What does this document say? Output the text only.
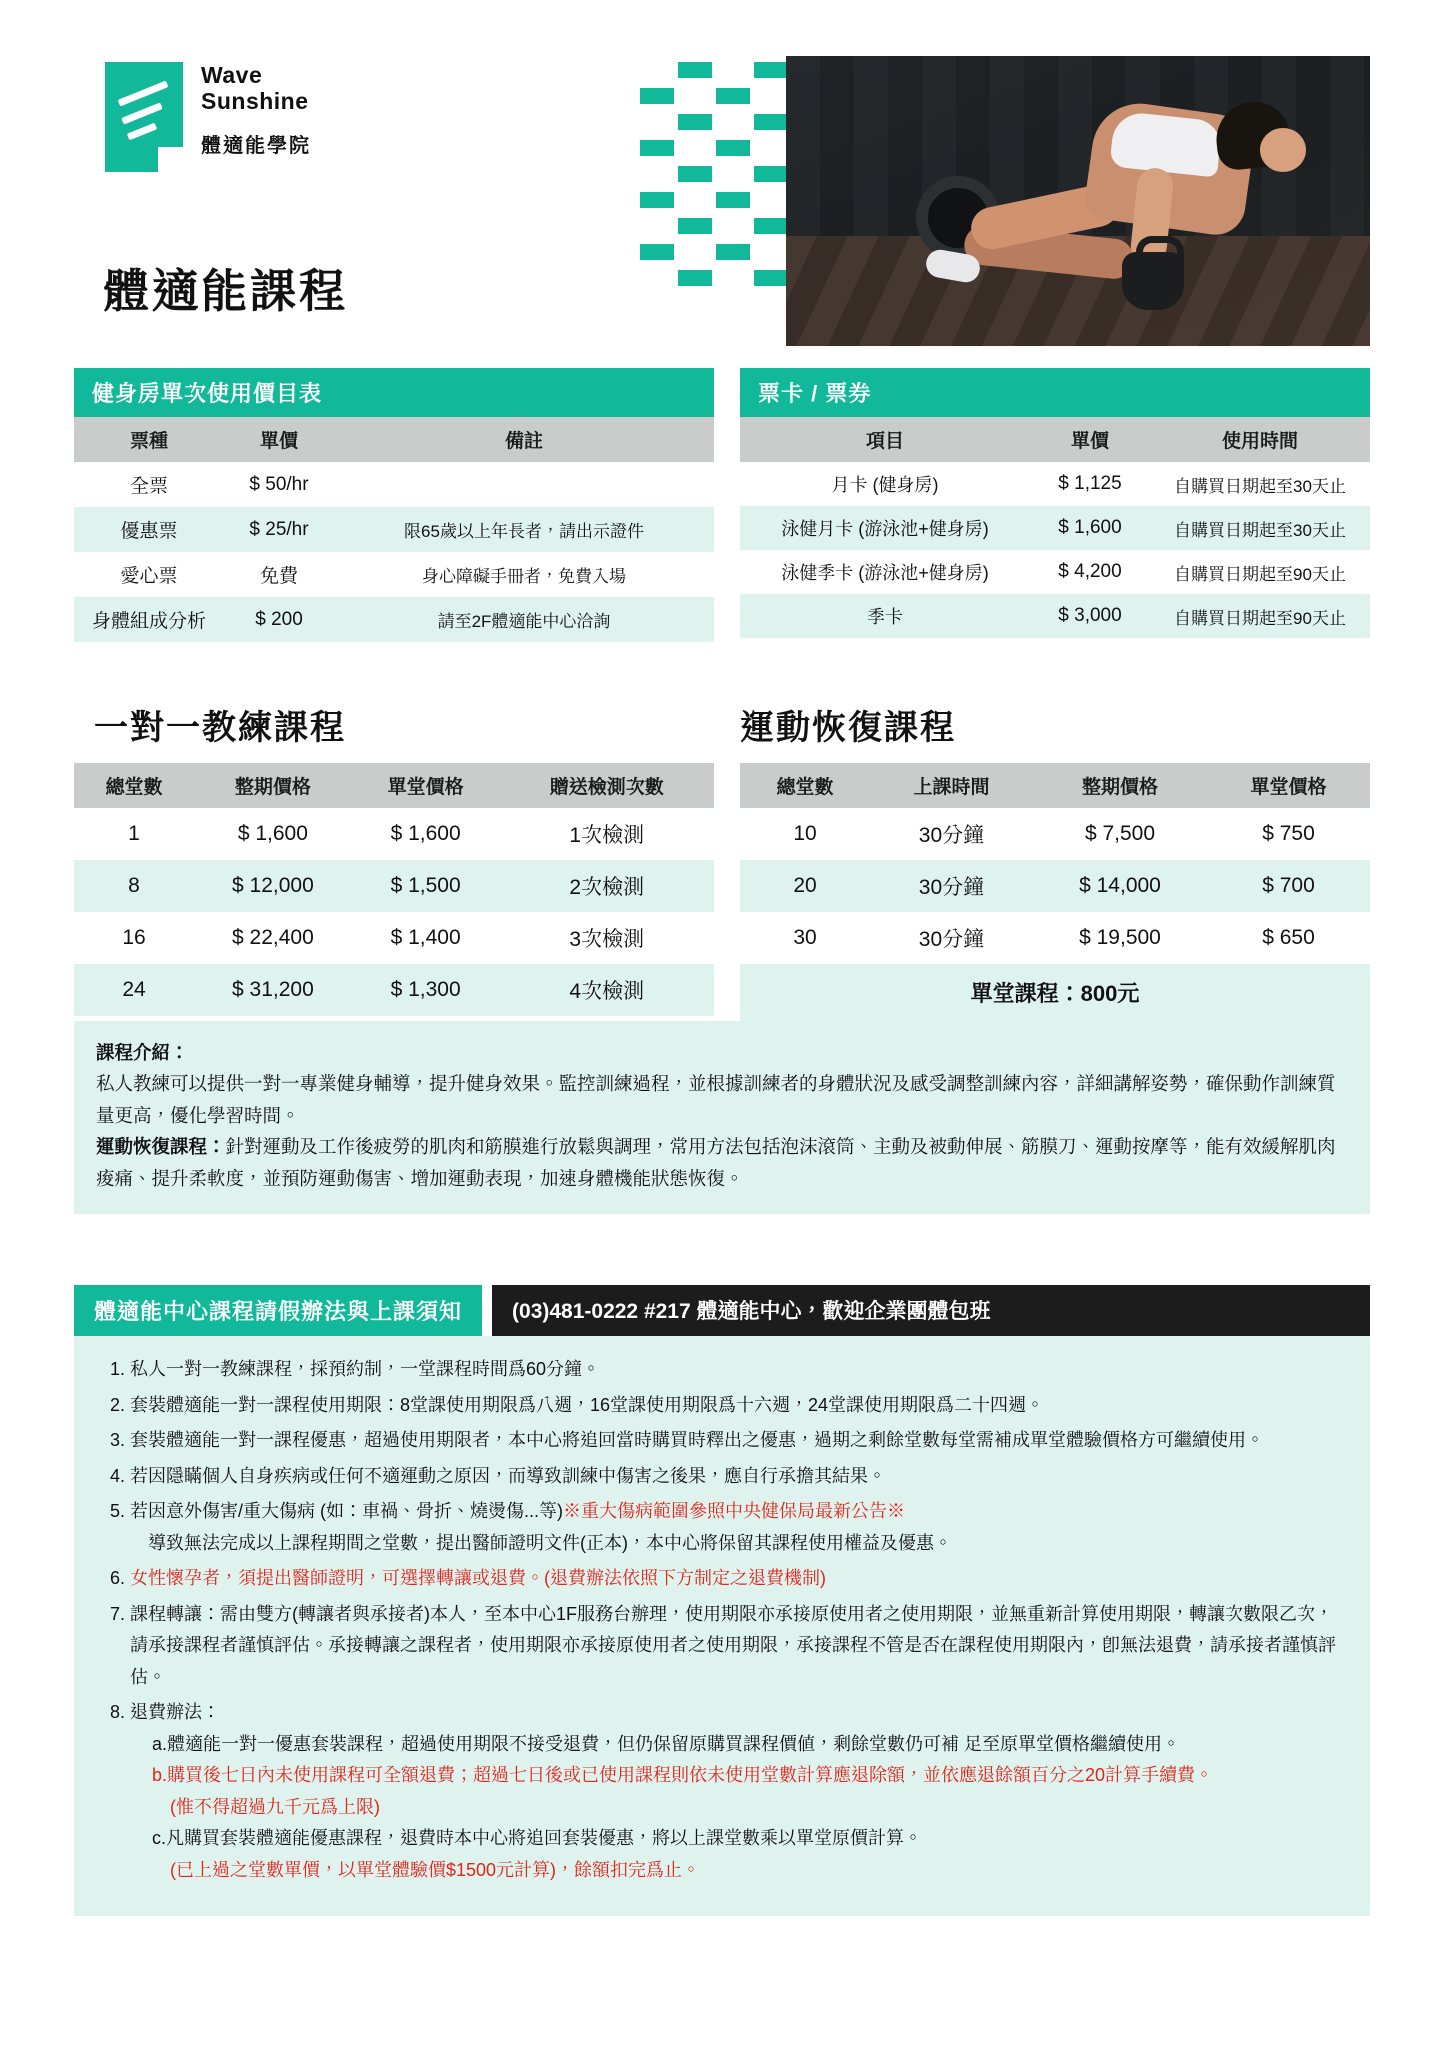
Wave
Sunshine
體適能學院
體適能課程
健身房單次使用價目表
票種	單價	備註
全票	$ 50/hr	
優惠票	$ 25/hr	限65歲以上年長者，請出示證件
愛心票	免費	身心障礙手冊者，免費入場
身體組成分析	$ 200	請至2F體適能中心洽詢
票卡 / 票券
項目	單價	使用時間
月卡 (健身房)	$ 1,125	自購買日期起至30天止
泳健月卡 (游泳池+健身房)	$ 1,600	自購買日期起至30天止
泳健季卡 (游泳池+健身房)	$ 4,200	自購買日期起至90天止
季卡	$ 3,000	自購買日期起至90天止
一對一教練課程	運動恢復課程
總堂數	整期價格	單堂價格	贈送檢測次數
1	$ 1,600	$ 1,600	1次檢測
8	$ 12,000	$ 1,500	2次檢測
16	$ 22,400	$ 1,400	3次檢測
24	$ 31,200	$ 1,300	4次檢測
總堂數	上課時間	整期價格	單堂價格
10	30分鐘	$ 7,500	$ 750
20	30分鐘	$ 14,000	$ 700
30	30分鐘	$ 19,500	$ 650
單堂課程：800元			
課程介紹：
私人教練可以提供一對一專業健身輔導，提升健身效果。監控訓練過程，並根據訓練者的身體狀況及感受調整訓練內容，詳細講解姿勢，確保動作訓練質量更高，優化學習時間。
運動恢復課程：針對運動及工作後疲勞的肌肉和筋膜進行放鬆與調理，常用方法包括泡沫滾筒、主動及被動伸展、筋膜刀、運動按摩等，能有效緩解肌肉痠痛、提升柔軟度，並預防運動傷害、增加運動表現，加速身體機能狀態恢復。
體適能中心課程請假辦法與上課須知	(03)481-0222 #217 體適能中心，歡迎企業團體包班
1. 私人一對一教練課程，採預約制，一堂課程時間爲60分鐘。
2. 套裝體適能一對一課程使用期限：8堂課使用期限爲八週，16堂課使用期限爲十六週，24堂課使用期限爲二十四週。
3. 套裝體適能一對一課程優惠，超過使用期限者，本中心將追回當時購買時釋出之優惠，過期之剩餘堂數每堂需補成單堂體驗價格方可繼續使用。
4. 若因隱瞞個人自身疾病或任何不適運動之原因，而導致訓練中傷害之後果，應自行承擔其結果。
5. 若因意外傷害/重大傷病 (如：車禍、骨折、燒燙傷...等)※重大傷病範圍參照中央健保局最新公告※
導致無法完成以上課程期間之堂數，提出醫師證明文件(正本)，本中心將保留其課程使用權益及優惠。
6. 女性懷孕者，須提出醫師證明，可選擇轉讓或退費。(退費辦法依照下方制定之退費機制)
7. 課程轉讓：需由雙方(轉讓者與承接者)本人，至本中心1F服務台辦理，使用期限亦承接原使用者之使用期限，並無重新計算使用期限，轉讓次數限乙次，請承接課程者謹慎評估。承接轉讓之課程者，使用期限亦承接原使用者之使用期限，承接課程不管是否在課程使用期限內，卽無法退費，請承接者謹慎評估。
8. 退費辦法：
a.體適能一對一優惠套裝課程，超過使用期限不接受退費，但仍保留原購買課程價値，剩餘堂數仍可補 足至原單堂價格繼續使用。
b.購買後七日內未使用課程可全額退費；超過七日後或已使用課程則依未使用堂數計算應退除額，並依應退餘額百分之20計算手續費。
(惟不得超過九千元爲上限)
c.凡購買套裝體適能優惠課程，退費時本中心將追回套裝優惠，將以上課堂數乘以單堂原價計算。
(已上過之堂數單價，以單堂體驗價$1500元計算)，餘額扣完爲止。
